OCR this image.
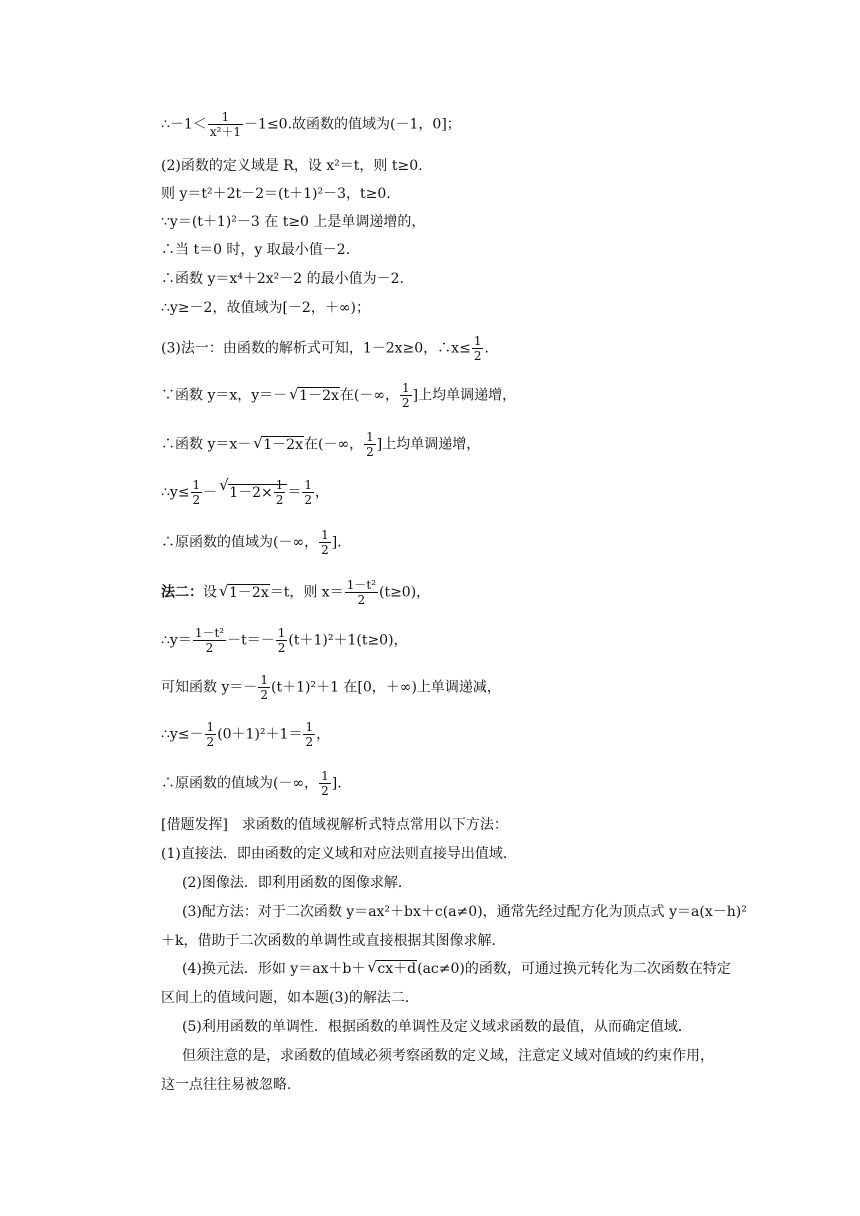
∴－1＜ $\frac{1}{\text{x²＋1}} -1\le 0$.故函数的值域为(－1，0]；
(2)函数的定义域是 R，设 x²＝t，则 t≥0.
则 y＝t²＋2t－2＝(t＋1)²－3，t≥0.
∵y＝(t＋1)²－3 在 t≥0 上是单调递增的，
∴当 t＝0 时，y 取最小值－2.
∴函数 y＝x⁴＋2x²－2 的最小值为－2.
∴y≥－2，故值域为[－2，＋∞)；
(3)法一：由函数的解析式可知，1－2x≥0，∴x≤ $\frac{1}{2}$ .
∵函数 y＝x，y＝－ √ 1－2x在(－∞， $\frac{1}{2}$ ]上均单调递增，
∴函数 y＝x－ √ 1－2x在(－∞， $\frac{1}{2}$ ]上均单调递增，
∴y≤ $\frac{1}{2}$ － √ $1-2\times \frac{1}{2} = \frac{1}{2}$ ，
∴原函数的值域为(－∞， $\frac{1}{2}$ ].
法二：设 √ 1－2x＝t，则 $x= \frac{\text{1－t²}}{2} (t\ge 0)$，
∴y＝ $\frac{\text{1－t²}}{2} -t=- \frac{1}{2} (t+1)^2+1(t\ge 0)$，
可知函数 $y=- \frac{1}{2} (t+1)^2+1$ 在[0，＋∞)上单调递减，
∴y≤－ $\frac{1}{2} (0+1)^2+1= \frac{1}{2}$ ，
∴原函数的值域为(－∞， $\frac{1}{2}$ ].
[借题发挥]　求函数的值域视解析式特点常用以下方法：
(1)直接法．即由函数的定义域和对应法则直接导出值域．
(2)图像法．即利用函数的图像求解．
(3)配方法：对于二次函数 y＝ax²＋bx＋c(a≠0)，通常先经过配方化为顶点式 y＝a(x－h)²
＋k，借助于二次函数的单调性或直接根据其图像求解．
(4)换元法．形如 y＝ax＋b＋ √ cx＋d(ac≠0)的函数，可通过换元转化为二次函数在特定
区间上的值域问题，如本题(3)的解法二．
(5)利用函数的单调性．根据函数的单调性及定义域求函数的最值，从而确定值域．
但须注意的是，求函数的值域必须考察函数的定义域，注意定义域对值域的约束作用，
这一点往往易被忽略．
